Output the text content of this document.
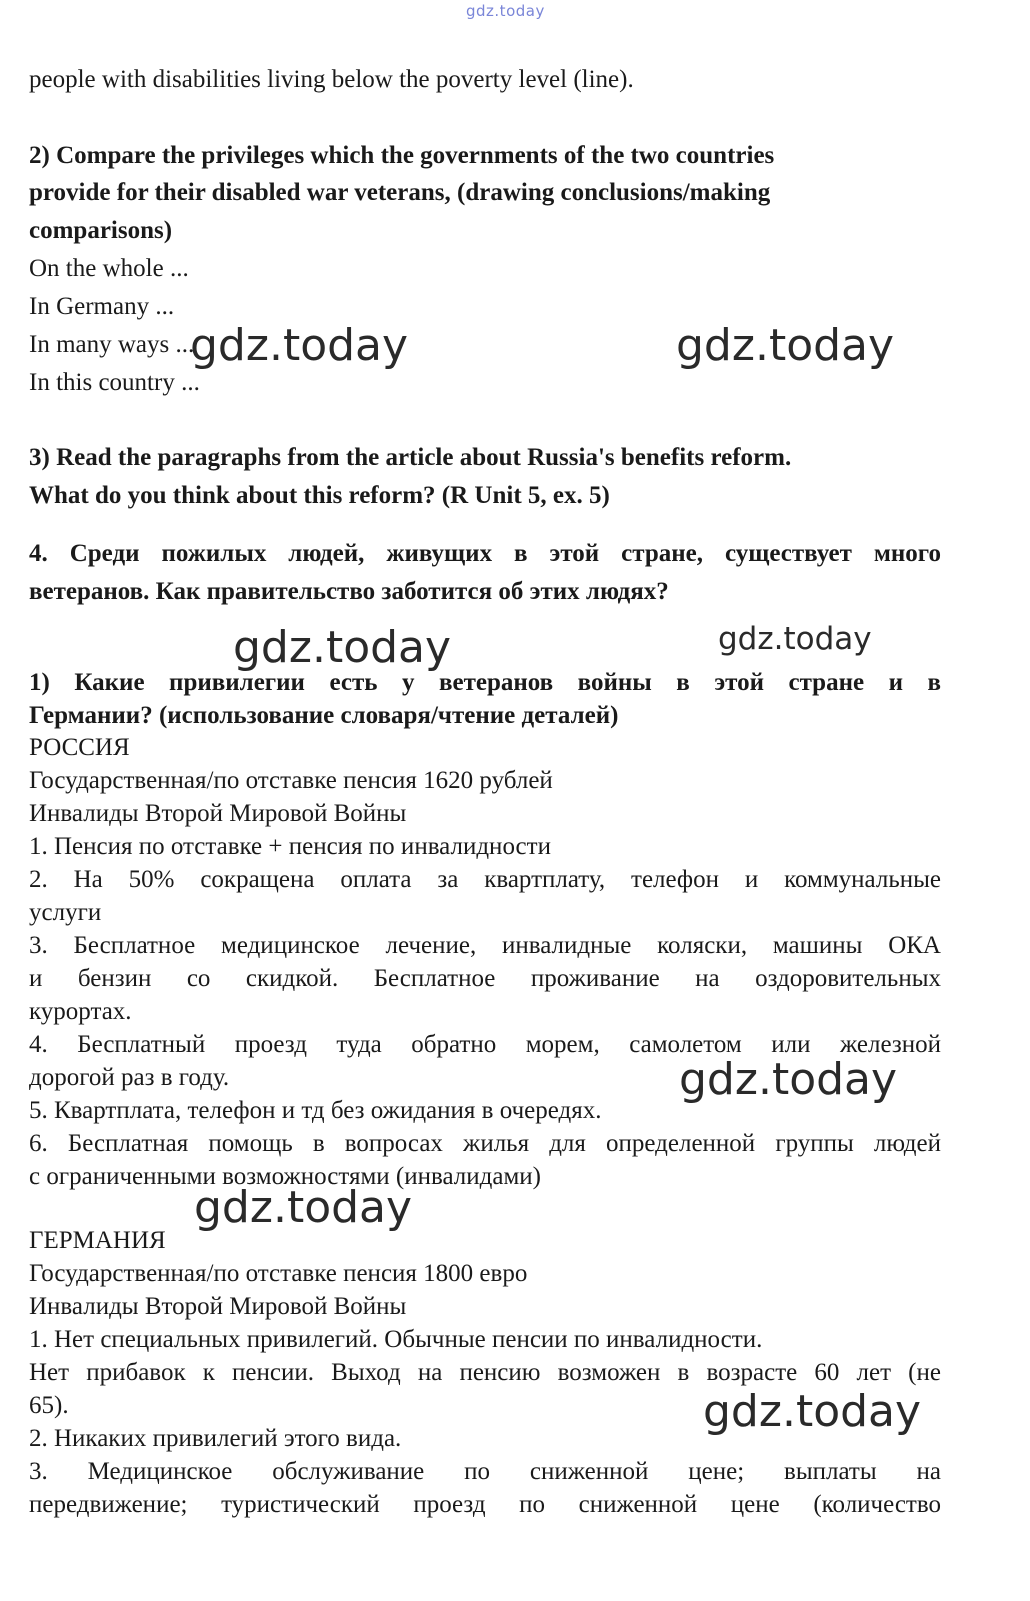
gdz.today
people with disabilities living below the poverty level (line).
2) Compare the privileges which the governments of the two countries
provide for their disabled war veterans, (drawing conclusions/making
comparisons)
On the whole ...
In Germany ...
In many ways ...
In this country ...
3) Read the paragraphs from the article about Russia's benefits reform.
What do you think about this reform? (R Unit 5, ex. 5)
4. Среди пожилых людей, живущих в этой стране, существует много
ветеранов. Как правительство заботится об этих людях?
1) Какие привилегии есть у ветеранов войны в этой стране и в
Германии? (использование словаря/чтение деталей)
РОССИЯ
Государственная/по отставке пенсия 1620 рублей
Инвалиды Второй Мировой Войны
1. Пенсия по отставке + пенсия по инвалидности
2. На 50% сокращена оплата за квартплату, телефон и коммунальные
услуги
3. Бесплатное медицинское лечение, инвалидные коляски, машины ОКА
и бензин со скидкой. Бесплатное проживание на оздоровительных
курортах.
4. Бесплатный проезд туда обратно морем, самолетом или железной
дорогой раз в году.
5. Квартплата, телефон и тд без ожидания в очередях.
6. Бесплатная помощь в вопросах жилья для определенной группы людей
с ограниченными возможностями (инвалидами)
ГЕРМАНИЯ
Государственная/по отставке пенсия 1800 евро
Инвалиды Второй Мировой Войны
1. Нет специальных привилегий. Обычные пенсии по инвалидности.
Нет прибавок к пенсии. Выход на пенсию возможен в возрасте 60 лет (не
65).
2. Никаких привилегий этого вида.
3. Медицинское обслуживание по сниженной цене; выплаты на
передвижение; туристический проезд по сниженной цене (количество
gdz.today	gdz.today
gdz.today	gdz.today
gdz.today
gdz.today
gdz.today
